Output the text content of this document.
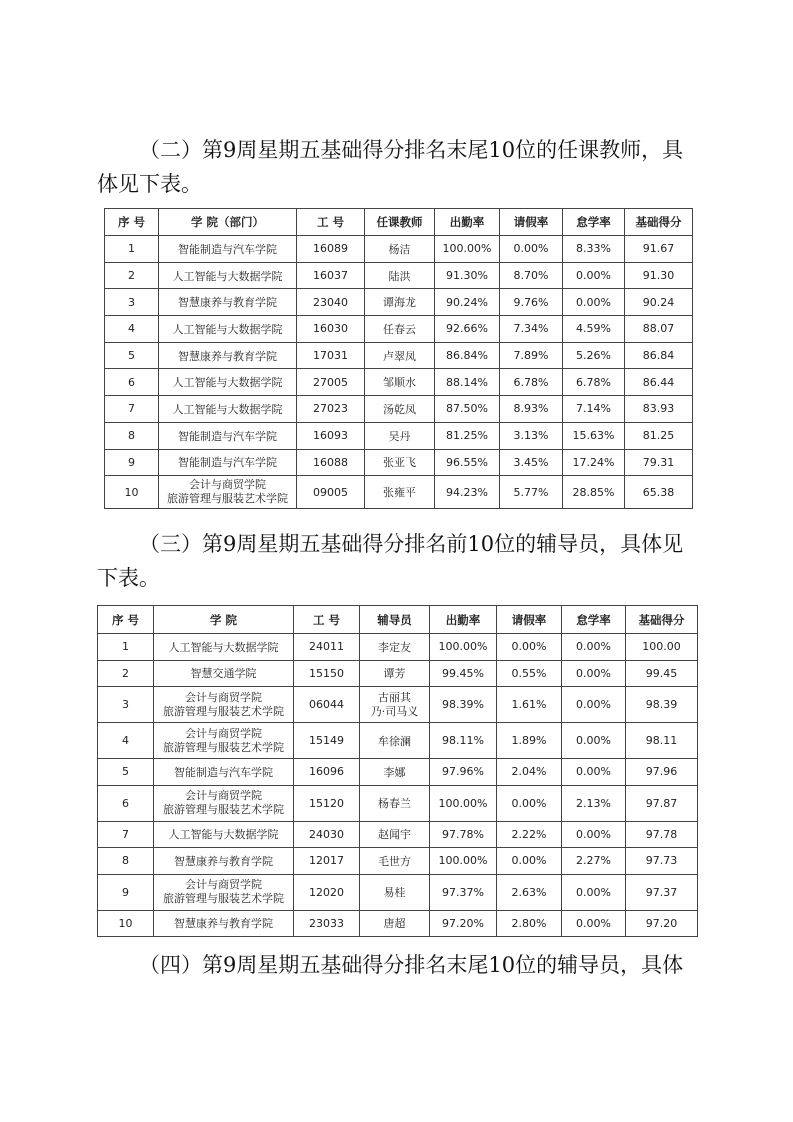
（二）第9周星期五基础得分排名末尾10位的任课教师，具体见下表。

序 号	学 院（部门）	工 号	任课教师	出勤率	请假率	怠学率	基础得分
1	智能制造与汽车学院	16089	杨洁	100.00%	0.00%	8.33%	91.67
2	人工智能与大数据学院	16037	陆洪	91.30%	8.70%	0.00%	91.30
3	智慧康养与教育学院	23040	谭海龙	90.24%	9.76%	0.00%	90.24
4	人工智能与大数据学院	16030	任春云	92.66%	7.34%	4.59%	88.07
5	智慧康养与教育学院	17031	卢翠凤	86.84%	7.89%	5.26%	86.84
6	人工智能与大数据学院	27005	邹顺水	88.14%	6.78%	6.78%	86.44
7	人工智能与大数据学院	27023	汤乾凤	87.50%	8.93%	7.14%	83.93
8	智能制造与汽车学院	16093	吴丹	81.25%	3.13%	15.63%	81.25
9	智能制造与汽车学院	16088	张亚飞	96.55%	3.45%	17.24%	79.31
10	会计与商贸学院
旅游管理与服装艺术学院	09005	张雍平	94.23%	5.77%	28.85%	65.38

（三）第9周星期五基础得分排名前10位的辅导员，具体见下表。

序 号	学 院	工 号	辅导员	出勤率	请假率	怠学率	基础得分
1	人工智能与大数据学院	24011	李定友	100.00%	0.00%	0.00%	100.00
2	智慧交通学院	15150	谭芳	99.45%	0.55%	0.00%	99.45
3	会计与商贸学院
旅游管理与服装艺术学院	06044	古丽其
乃·司马义	98.39%	1.61%	0.00%	98.39
4	会计与商贸学院
旅游管理与服装艺术学院	15149	牟徐澜	98.11%	1.89%	0.00%	98.11
5	智能制造与汽车学院	16096	李娜	97.96%	2.04%	0.00%	97.96
6	会计与商贸学院
旅游管理与服装艺术学院	15120	杨春兰	100.00%	0.00%	2.13%	97.87
7	人工智能与大数据学院	24030	赵闻宇	97.78%	2.22%	0.00%	97.78
8	智慧康养与教育学院	12017	毛世方	100.00%	0.00%	2.27%	97.73
9	会计与商贸学院
旅游管理与服装艺术学院	12020	易桂	97.37%	2.63%	0.00%	97.37
10	智慧康养与教育学院	23033	唐超	97.20%	2.80%	0.00%	97.20

（四）第9周星期五基础得分排名末尾10位的辅导员，具体
